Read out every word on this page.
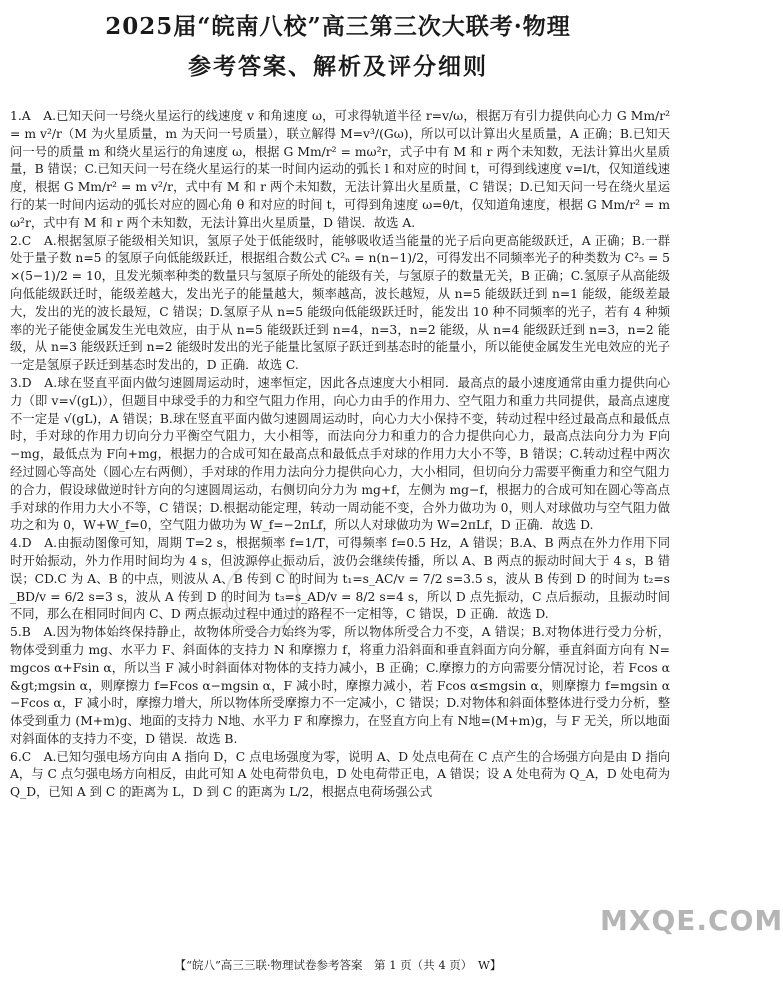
2025届“皖南八校”高三第三次大联考·物理
参考答案、解析及评分细则

1.A　A.已知天问一号绕火星运行的线速度 v 和角速度 ω，可求得轨道半径 r=v/ω，根据万有引力提供向心力 G Mm/r² = m v²/r（M 为火星质量，m 为天问一号质量），联立解得 M=v³/(Gω)，所以可以计算出火星质量，A 正确；B.已知天问一号的质量 m 和绕火星运行的角速度 ω，根据 G Mm/r² = mω²r，式子中有 M 和 r 两个未知数，无法计算出火星质量，B 错误；C.已知天问一号在绕火星运行的某一时间内运动的弧长 l 和对应的时间 t，可得到线速度 v=l/t，仅知道线速度，根据 G Mm/r² = m v²/r，式中有 M 和 r 两个未知数，无法计算出火星质量，C 错误；D.已知天问一号在绕火星运行的某一时间内运动的弧长对应的圆心角 θ 和对应的时间 t，可得到角速度 ω=θ/t，仅知道角速度，根据 G Mm/r² = mω²r，式中有 M 和 r 两个未知数，无法计算出火星质量，D 错误．故选 A.

2.C　A.根据氢原子能级相关知识，氢原子处于低能级时，能够吸收适当能量的光子后向更高能级跃迁，A 正确；B.一群处于量子数 n=5 的氢原子向低能级跃迁，根据组合数公式 C²ₙ = n(n−1)/2，可得发出不同频率光子的种类数为 C²₅ = 5×(5−1)/2 = 10，且发光频率种类的数量只与氢原子所处的能级有关，与氢原子的数量无关，B 正确；C.氢原子从高能级向低能级跃迁时，能级差越大，发出光子的能量越大，频率越高，波长越短，从 n=5 能级跃迁到 n=1 能级，能级差最大，发出的光的波长最短，C 错误；D.氢原子从 n=5 能级向低能级跃迁时，能发出 10 种不同频率的光子，若有 4 种频率的光子能使金属发生光电效应，由于从 n=5 能级跃迁到 n=4，n=3，n=2 能级，从 n=4 能级跃迁到 n=3，n=2 能级，从 n=3 能级跃迁到 n=2 能级时发出的光子能量比氢原子跃迁到基态时的能量小，所以能使金属发生光电效应的光子一定是氢原子跃迁到基态时发出的，D 正确．故选 C.

3.D　A.球在竖直平面内做匀速圆周运动时，速率恒定，因此各点速度大小相同．最高点的最小速度通常由重力提供向心力（即 v=√(gL)），但题目中球受手的力和空气阻力作用，向心力由手的作用力、空气阻力和重力共同提供，最高点速度不一定是 √(gL)，A 错误；B.球在竖直平面内做匀速圆周运动时，向心力大小保持不变，转动过程中经过最高点和最低点时，手对球的作用力切向分力平衡空气阻力，大小相等，而法向分力和重力的合力提供向心力，最高点法向分力为 F向−mg，最低点为 F向+mg，根据力的合成可知在最高点和最低点手对球的作用力大小不等，B 错误；C.转动过程中两次经过圆心等高处（圆心左右两侧），手对球的作用力法向分力提供向心力，大小相同，但切向分力需要平衡重力和空气阻力的合力，假设球做逆时针方向的匀速圆周运动，右侧切向分力为 mg+f，左侧为 mg−f，根据力的合成可知在圆心等高点手对球的作用力大小不等，C 错误；D.根据动能定理，转动一周动能不变，合外力做功为 0，则人对球做功与空气阻力做功之和为 0，W+W_f=0，空气阻力做功为 W_f=−2πLf，所以人对球做功为 W=2πLf，D 正确．故选 D.

4.D　A.由振动图像可知，周期 T=2 s，根据频率 f=1/T，可得频率 f=0.5 Hz，A 错误；B.A、B 两点在外力作用下同时开始振动，外力作用时间均为 4 s，但波源停止振动后，波仍会继续传播，所以 A、B 两点的振动时间大于 4 s，B 错误；CD.C 为 A、B 的中点，则波从 A、B 传到 C 的时间为 t₁=s_AC/v = 7/2 s=3.5 s，波从 B 传到 D 的时间为 t₂=s_BD/v = 6/2 s=3 s，波从 A 传到 D 的时间为 t₃=s_AD/v = 8/2 s=4 s，所以 D 点先振动，C 点后振动，且振动时间不同，那么在相同时间内 C、D 两点振动过程中通过的路程不一定相等，C 错误，D 正确．故选 D.

5.B　A.因为物体始终保持静止，故物体所受合力始终为零，所以物体所受合力不变，A 错误；B.对物体进行受力分析，物体受到重力 mg、水平力 F、斜面体的支持力 N 和摩擦力 f，将重力沿斜面和垂直斜面方向分解，垂直斜面方向有 N=mgcos α+Fsin α，所以当 F 减小时斜面体对物体的支持力减小，B 正确；C.摩擦力的方向需要分情况讨论，若 Fcos α&gt;mgsin α，则摩擦力 f=Fcos α−mgsin α，F 减小时，摩擦力减小，若 Fcos α≤mgsin α，则摩擦力 f=mgsin α−Fcos α，F 减小时，摩擦力增大，所以物体所受摩擦力不一定减小，C 错误；D.对物体和斜面体整体进行受力分析，整体受到重力 (M+m)g、地面的支持力 N地、水平力 F 和摩擦力，在竖直方向上有 N地=(M+m)g，与 F 无关，所以地面对斜面体的支持力不变，D 错误．故选 B.

6.C　A.已知匀强电场方向由 A 指向 D，C 点电场强度为零，说明 A、D 处点电荷在 C 点产生的合场强方向是由 D 指向 A，与 C 点匀强电场方向相反，由此可知 A 处电荷带负电，D 处电荷带正电，A 错误；设 A 处电荷为 Q_A，D 处电荷为 Q_D，已知 A 到 C 的距离为 L，D 到 C 的距离为 L/2，根据点电荷场强公式

【“皖八”高三三联·物理试卷参考答案　第 1 页（共 4 页）　W】
MXQE.COM
